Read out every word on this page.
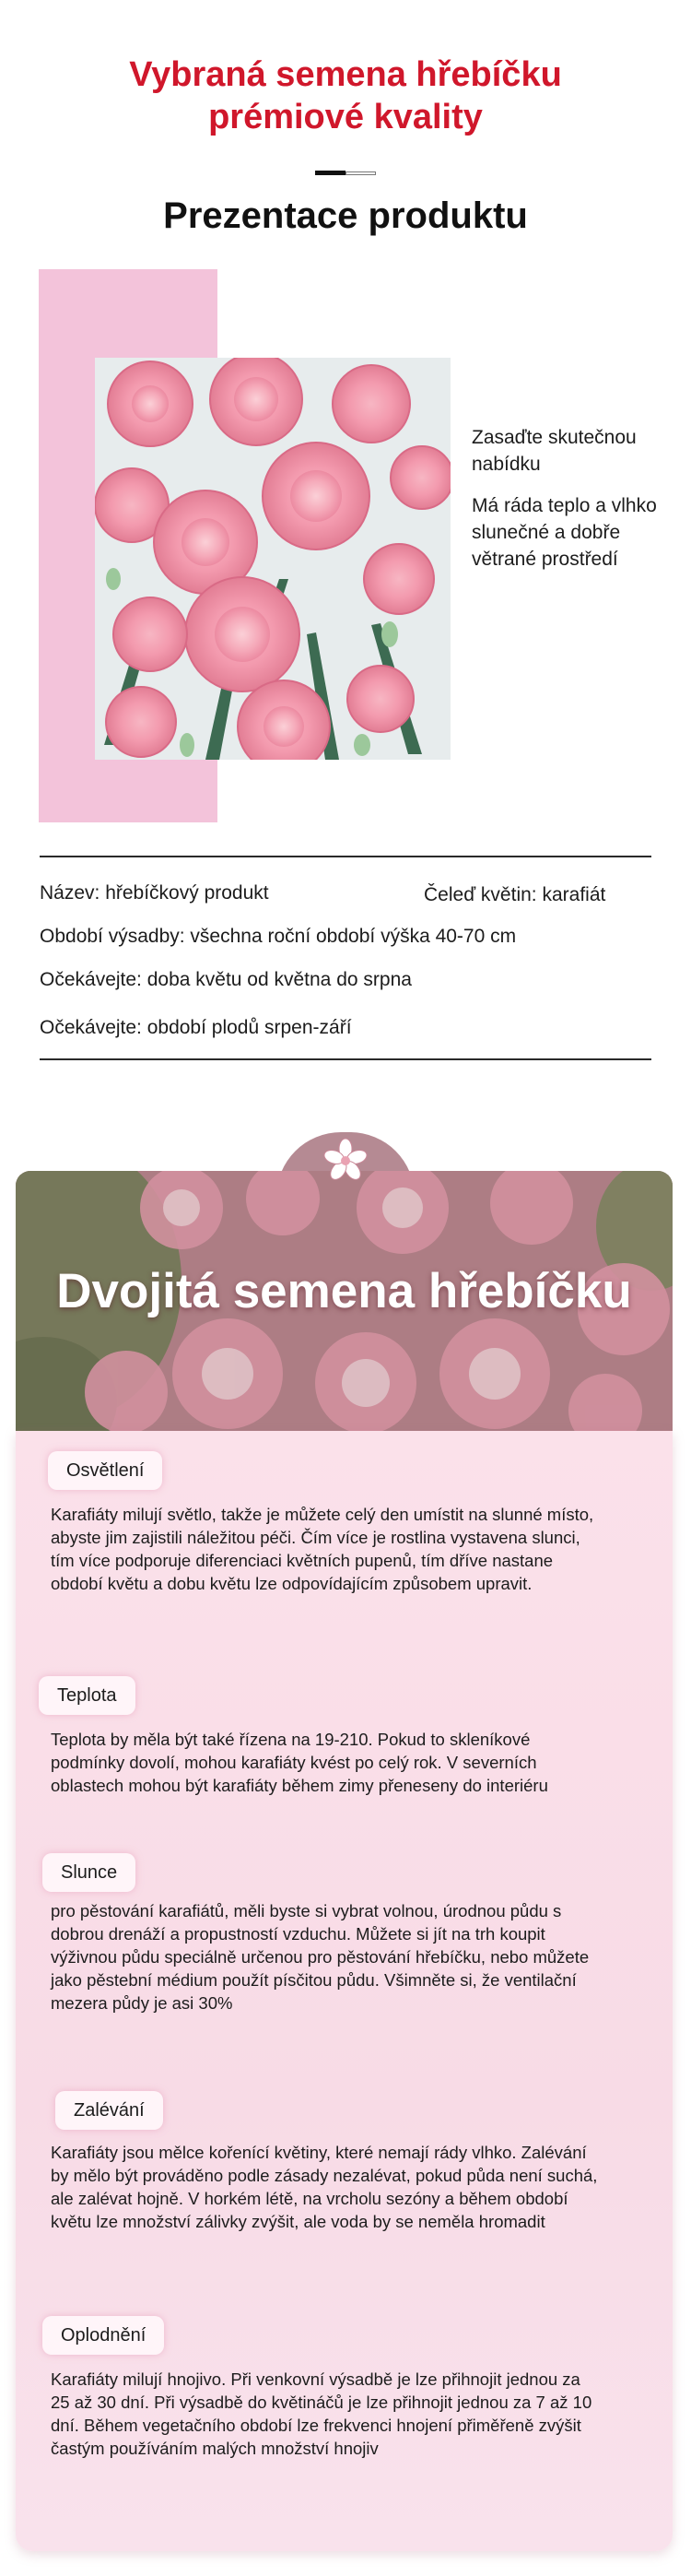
Vybraná semena hřebíčku
prémiové kvality
Prezentace produktu

Zasaďte skutečnou nabídku

Má ráda teplo a vlhko slunečné a dobře větrané prostředí

Název: hřebíčkový produkt	Čeleď květin: karafiát
Období výsadby: všechna roční období výška 40-70 cm
Očekávejte: doba květu od května do srpna
Očekávejte: období plodů srpen-září
Dvojitá semena hřebíčku
Osvětlení
Karafiáty milují světlo, takže je můžete celý den umístit na slunné místo, abyste jim zajistili náležitou péči. Čím více je rostlina vystavena slunci, tím více podporuje diferenciaci květních pupenů, tím dříve nastane období květu a dobu květu lze odpovídajícím způsobem upravit.
Teplota
Teplota by měla být také řízena na 19-210. Pokud to skleníkové podmínky dovolí, mohou karafiáty kvést po celý rok. V severních oblastech mohou být karafiáty během zimy přeneseny do interiéru
Slunce
pro pěstování karafiátů, měli byste si vybrat volnou, úrodnou půdu s dobrou drenáží a propustností vzduchu. Můžete si jít na trh koupit výživnou půdu speciálně určenou pro pěstování hřebíčku, nebo můžete jako pěstební médium použít písčitou půdu. Všimněte si, že ventilační mezera půdy je asi 30%
Zalévání
Karafiáty jsou mělce kořenící květiny, které nemají rády vlhko. Zalévání by mělo být prováděno podle zásady nezalévat, pokud půda není suchá, ale zalévat hojně. V horkém létě, na vrcholu sezóny a během období květu lze množství zálivky zvýšit, ale voda by se neměla hromadit
Oplodnění
Karafiáty milují hnojivo. Při venkovní výsadbě je lze přihnojit jednou za 25 až 30 dní. Při výsadbě do květináčů je lze přihnojit jednou za 7 až 10 dní. Během vegetačního období lze frekvenci hnojení přiměřeně zvýšit častým používáním malých množství hnojiv
